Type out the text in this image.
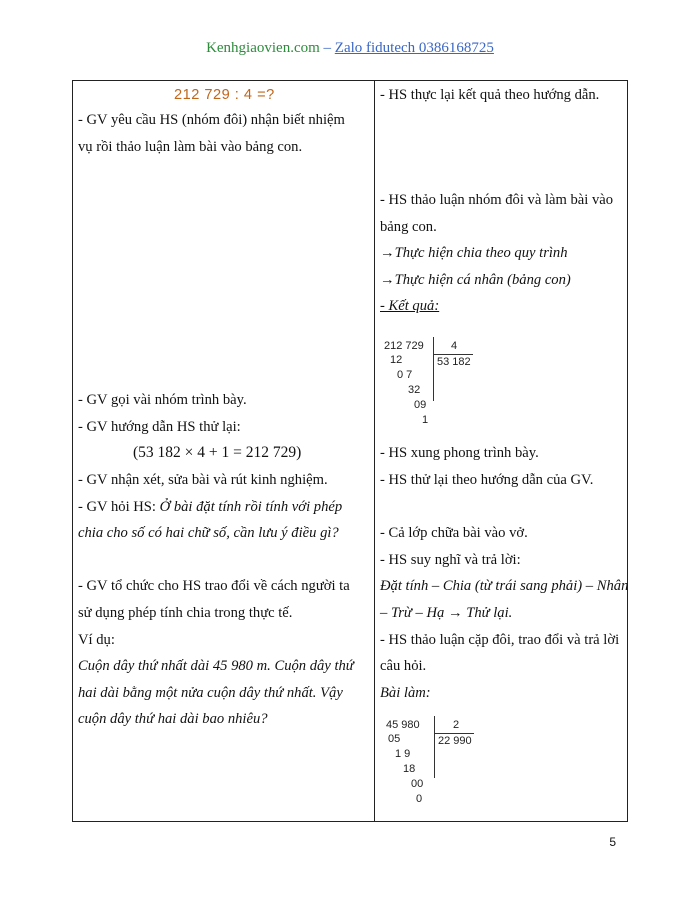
Kenhgiaovien.com – Zalo fidutech 0386168725
212 729 : 4 =?
- GV yêu cầu HS (nhóm đôi) nhận biết nhiệm
vụ rồi thảo luận làm bài vào bảng con.
- GV gọi vài nhóm trình bày.
- GV hướng dẫn HS thử lại:
(53 182 × 4 + 1 = 212 729)
- GV nhận xét, sửa bài và rút kinh nghiệm.
- GV hỏi HS: Ở bài đặt tính rồi tính với phép
chia cho số có hai chữ số, cần lưu ý điều gì?
- GV tổ chức cho HS trao đổi về cách người ta
sử dụng phép tính chia trong thực tế.
Ví dụ:
Cuộn dây thứ nhất dài 45 980 m. Cuộn dây thứ
hai dài bằng một nửa cuộn dây thứ nhất. Vậy
cuộn dây thứ hai dài bao nhiêu?
- HS thực lại kết quả theo hướng dẫn.
- HS thảo luận nhóm đôi và làm bài vào
bảng con.
→Thực hiện chia theo quy trình
→Thực hiện cá nhân (bảng con)
- Kết quả:
212 729 4
53 182
12
0 7
32
09
1
- HS xung phong trình bày.
- HS thử lại theo hướng dẫn của GV.
- Cả lớp chữa bài vào vở.
- HS suy nghĩ và trả lời:
Đặt tính – Chia (từ trái sang phải) – Nhân
– Trừ – Hạ → Thử lại.
- HS thảo luận cặp đôi, trao đổi và trả lời
câu hỏi.
Bài làm:
45 980	2
22 990
05
1 9
18
00
0
5
